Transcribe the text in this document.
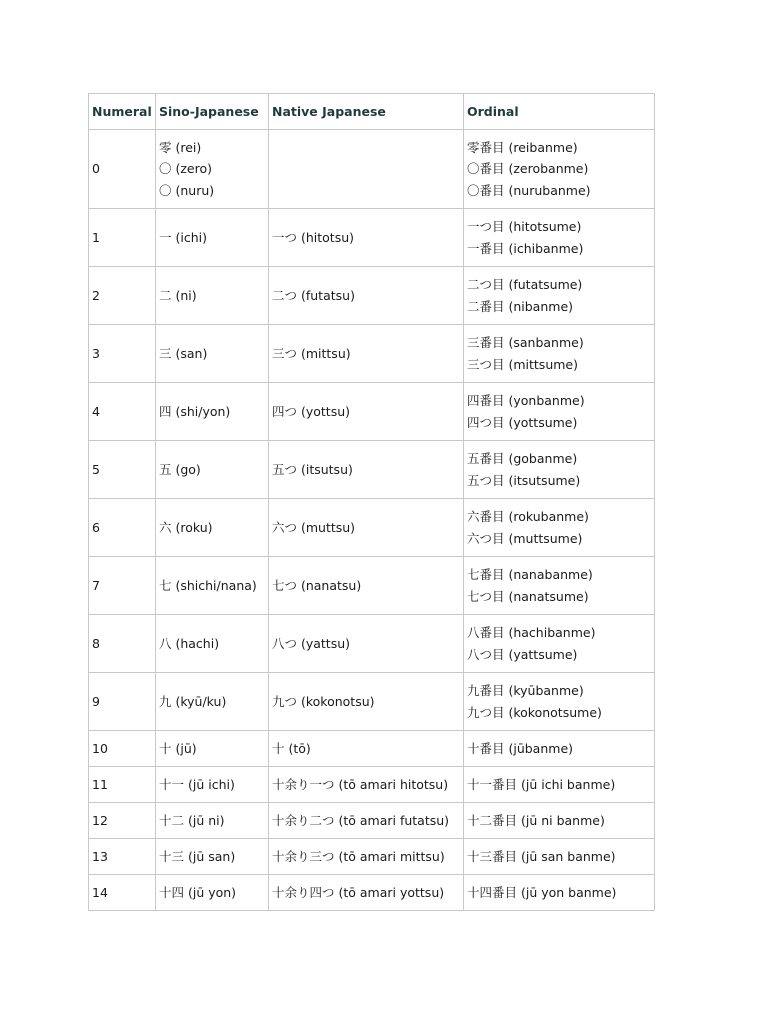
Numeral	Sino-Japanese	Native Japanese	Ordinal

0	零 (rei)
〇 (zero)
〇 (nuru)		零番目 (reibanme)
〇番目 (zerobanme)
〇番目 (nurubanme)

1	一 (ichi)	一つ (hitotsu)	一つ目 (hitotsume)
一番目 (ichibanme)

2	二 (ni)	二つ (futatsu)	二つ目 (futatsume)
二番目 (nibanme)

3	三 (san)	三つ (mittsu)	三番目 (sanbanme)
三つ目 (mittsume)

4	四 (shi/yon)	四つ (yottsu)	四番目 (yonbanme)
四つ目 (yottsume)

5	五 (go)	五つ (itsutsu)	五番目 (gobanme)
五つ目 (itsutsume)

6	六 (roku)	六つ (muttsu)	六番目 (rokubanme)
六つ目 (muttsume)

7	七 (shichi/nana)	七つ (nanatsu)	七番目 (nanabanme)
七つ目 (nanatsume)

8	八 (hachi)	八つ (yattsu)	八番目 (hachibanme)
八つ目 (yattsume)

9	九 (kyū/ku)	九つ (kokonotsu)	九番目 (kyūbanme)
九つ目 (kokonotsume)

10	十 (jū)	十 (tō)	十番目 (jūbanme)

11	十一 (jū ichi)	十余り一つ (tō amari hitotsu)	十一番目 (jū ichi banme)

12	十二 (jū ni)	十余り二つ (tō amari futatsu)	十二番目 (jū ni banme)

13	十三 (jū san)	十余り三つ (tō amari mittsu)	十三番目 (jū san banme)

14	十四 (jū yon)	十余り四つ (tō amari yottsu)	十四番目 (jū yon banme)
